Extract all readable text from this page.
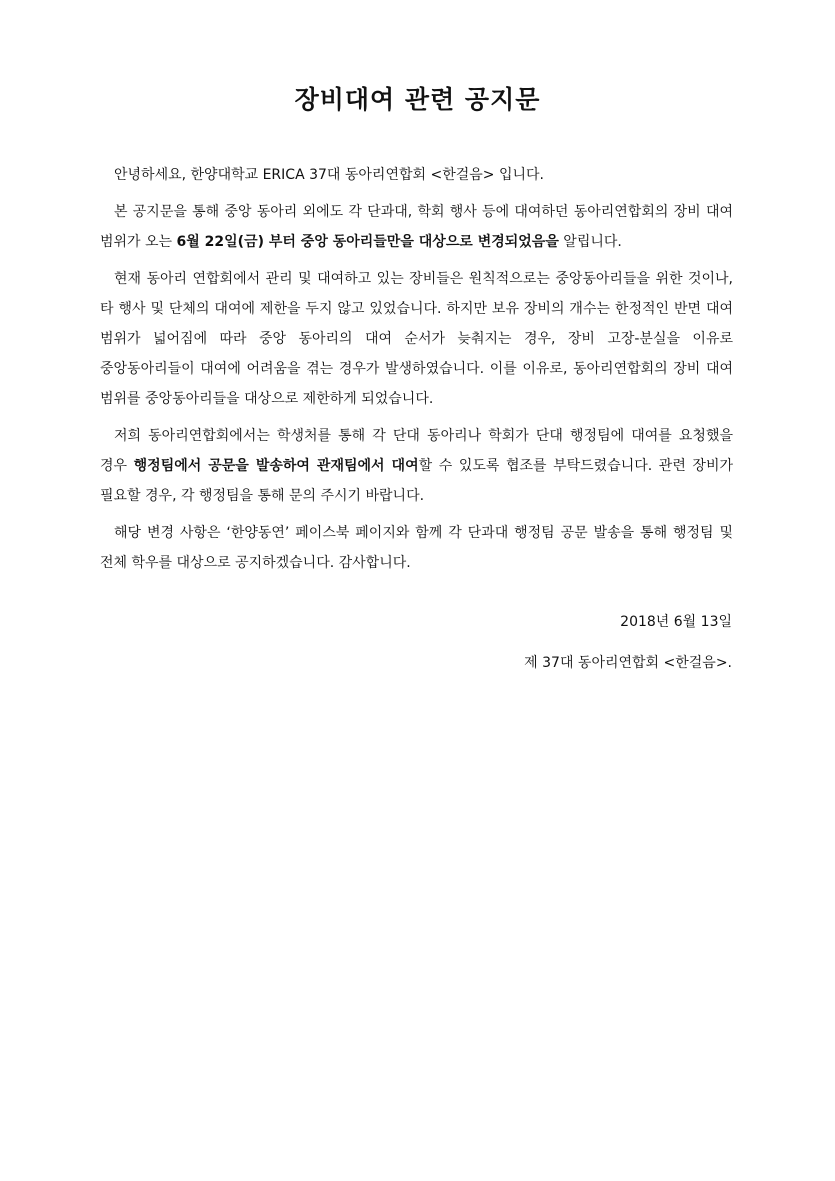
장비대여 관련 공지문

안녕하세요, 한양대학교 ERICA 37대 동아리연합회 <한걸음> 입니다.

본 공지문을 통해 중앙 동아리 외에도 각 단과대, 학회 행사 등에 대여하던 동아리연합회의 장비 대여 범위가 오는 6월 22일(금) 부터 중앙 동아리들만을 대상으로 변경되었음을 알립니다.

현재 동아리 연합회에서 관리 및 대여하고 있는 장비들은 원칙적으로는 중앙동아리들을 위한 것이나, 타 행사 및 단체의 대여에 제한을 두지 않고 있었습니다. 하지만 보유 장비의 개수는 한정적인 반면 대여 범위가 넓어짐에 따라 중앙 동아리의 대여 순서가 늦춰지는 경우, 장비 고장-분실을 이유로 중앙동아리들이 대여에 어려움을 겪는 경우가 발생하였습니다. 이를 이유로, 동아리연합회의 장비 대여 범위를 중앙동아리들을 대상으로 제한하게 되었습니다.

저희 동아리연합회에서는 학생처를 통해 각 단대 동아리나 학회가 단대 행정팀에 대여를 요청했을 경우 행정팀에서 공문을 발송하여 관재팀에서 대여할 수 있도록 협조를 부탁드렸습니다. 관련 장비가 필요할 경우, 각 행정팀을 통해 문의 주시기 바랍니다.

해당 변경 사항은 ‘한양동연’ 페이스북 페이지와 함께 각 단과대 행정팀 공문 발송을 통해 행정팀 및 전체 학우를 대상으로 공지하겠습니다. 감사합니다.

2018년 6월 13일
제 37대 동아리연합회 <한걸음>.
